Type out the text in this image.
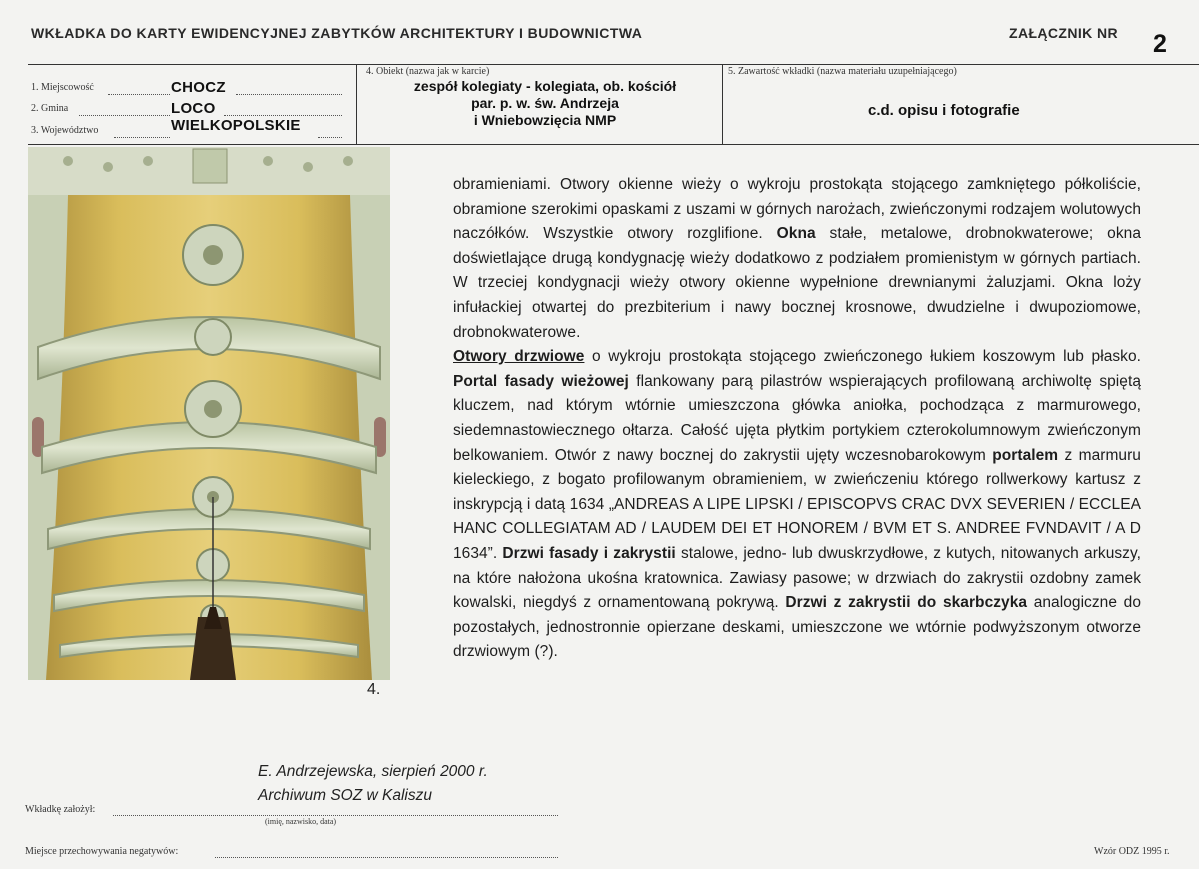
WKŁADKA DO KARTY EWIDENCYJNEJ ZABYTKÓW ARCHITEKTURY I BUDOWNICTWA	ZAŁĄCZNIK NR 2
1. Miejscowość	CHOCZ
2. Gmina	LOCO
3. Województwo	WIELKOPOLSKIE
4. Obiekt (nazwa jak w karcie)
zespół kolegiaty - kolegiata, ob. kościół
par. p. w. św. Andrzeja
i Wniebowzięcia NMP
5. Zawartość wkładki (nazwa materiału uzupełniającego)
c.d. opisu i fotografie
4.

obramieniami. Otwory okienne wieży o wykroju prostokąta stojącego zamkniętego półkoliście, obramione szerokimi opaskami z uszami w górnych narożach, zwieńczonymi rodzajem wolutowych naczółków. Wszystkie otwory rozglifione. Okna stałe, metalowe, drobnokwaterowe; okna doświetlające drugą kondygnację wieży dodatkowo z podziałem promienistym w górnych partiach. W trzeciej kondygnacji wieży otwory okienne wypełnione drewnianymi żaluzjami. Okna loży infułackiej otwartej do prezbiterium i nawy bocznej krosnowe, dwudzielne i dwupoziomowe, drobnokwaterowe.

Otwory drzwiowe o wykroju prostokąta stojącego zwieńczonego łukiem koszowym lub płasko. Portal fasady wieżowej flankowany parą pilastrów wspierających profilowaną archiwoltę spiętą kluczem, nad którym wtórnie umieszczona główka aniołka, pochodząca z marmurowego, siedemnastowiecznego ołtarza. Całość ujęta płytkim portykiem czterokolumnowym zwieńczonym belkowaniem. Otwór z nawy bocznej do zakrystii ujęty wczesnobarokowym portalem z marmuru kieleckiego, z bogato profilowanym obramieniem, w zwieńczeniu którego rollwerkowy kartusz z inskrypcją i datą 1634 „ANDREAS A LIPE LIPSKI / EPISCOPVS CRAC DVX SEVERIEN / ECCLEA HANC COLLEGIATAM AD / LAUDEM DEI ET HONOREM / BVM ET S. ANDREE FVNDAVIT / A D 1634”. Drzwi fasady i zakrystii stalowe, jedno- lub dwuskrzydłowe, z kutych, nitowanych arkuszy, na które nałożona ukośna kratownica. Zawiasy pasowe; w drzwiach do zakrystii ozdobny zamek kowalski, niegdyś z ornamentowaną pokrywą. Drzwi z zakrystii do skarbczyka analogiczne do pozostałych, jednostronnie opierzane deskami, umieszczone we wtórnie podwyższonym otworze drzwiowym (?).

E. Andrzejewska, sierpień 2000 r.
Archiwum SOZ w Kaliszu
Wkładkę założył:
(imię, nazwisko, data)
Miejsce przechowywania negatywów:	Wzór ODZ 1995 r.
